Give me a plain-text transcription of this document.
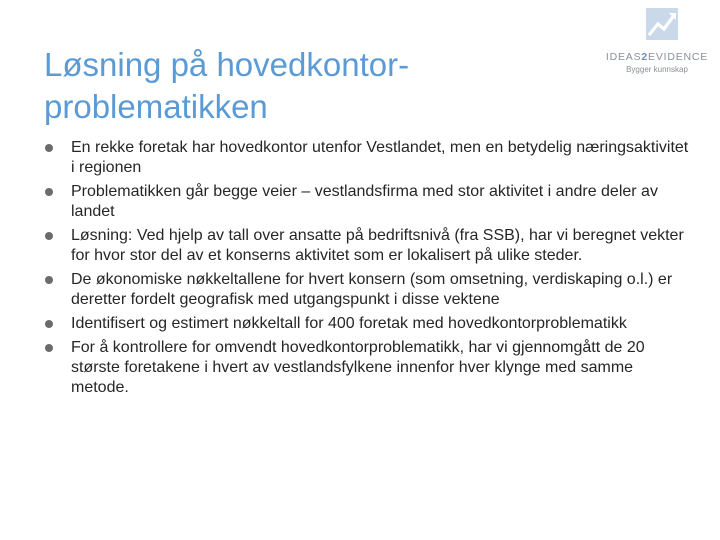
Løsning på hovedkontor-problematikken
IDEAS2EVIDENCE
Bygger kunnskap
En rekke foretak har hovedkontor utenfor Vestlandet, men en betydelig næringsaktivitet i regionen
Problematikken går begge veier – vestlandsfirma med stor aktivitet i andre deler av landet
Løsning: Ved hjelp av tall over ansatte på bedriftsnivå (fra SSB), har vi beregnet vekter for hvor stor del av et konserns aktivitet som er lokalisert på ulike steder.
De økonomiske nøkkeltallene for hvert konsern (som omsetning, verdiskaping o.l.) er deretter fordelt geografisk med utgangspunkt i disse vektene
Identifisert og estimert nøkkeltall for 400 foretak med hovedkontorproblematikk
For å kontrollere for omvendt hovedkontorproblematikk, har vi gjennomgått de 20 største foretakene i hvert av vestlandsfylkene innenfor hver klynge med samme metode.
